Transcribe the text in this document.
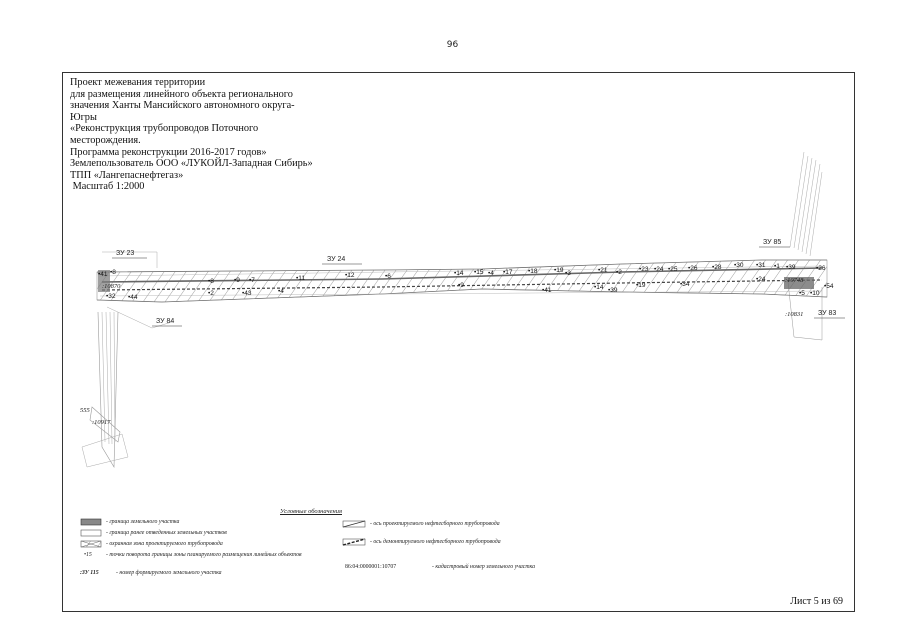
96
Проект межевания территории
для размещения линейного объекта регионального
значения Ханты Мансийского автономного округа-
Югры
«Реконструкция трубопроводов Поточного
месторождения.
Программа реконструкции 2016-2017 годов»
Землепользователь ООО «ЛУКОЙЛ-Западная Сибирь»
ТПП «Лангепаснефтегаз»
Масштаб 1:2000
ЗУ 23
ЗУ 24
ЗУ 84
ЗУ 85
ЗУ 83
:10870
:10917
:10748
:10831
555
•41 •8
•8	•9 •7	•11	•12	•6	•14 •15 •4 •17 •18	•19 •3	•21 •2	•23 •24 •25 •26 •28 •30 •31 •1 •39	•26
•32 •44
•2	•43	•4
•9
•41	•14 •39
•19	•34
•24
•5 •10
•54
Условные обозначения
- граница земельного участка
- граница ранее отведенных земельных участков
- охранная зона проектируемого трубопровода
•15 - точки поворота границы зоны планируемого размещения линейных объектов
:ЗУ 115	- номер формируемого земельного участка
- ось проектируемого нефтесборного трубопровода
- ось демонтируемого нефтесборного трубопровода
86:04:0000001:10707	- кадастровый номер земельного участка
Лист 5 из 69
